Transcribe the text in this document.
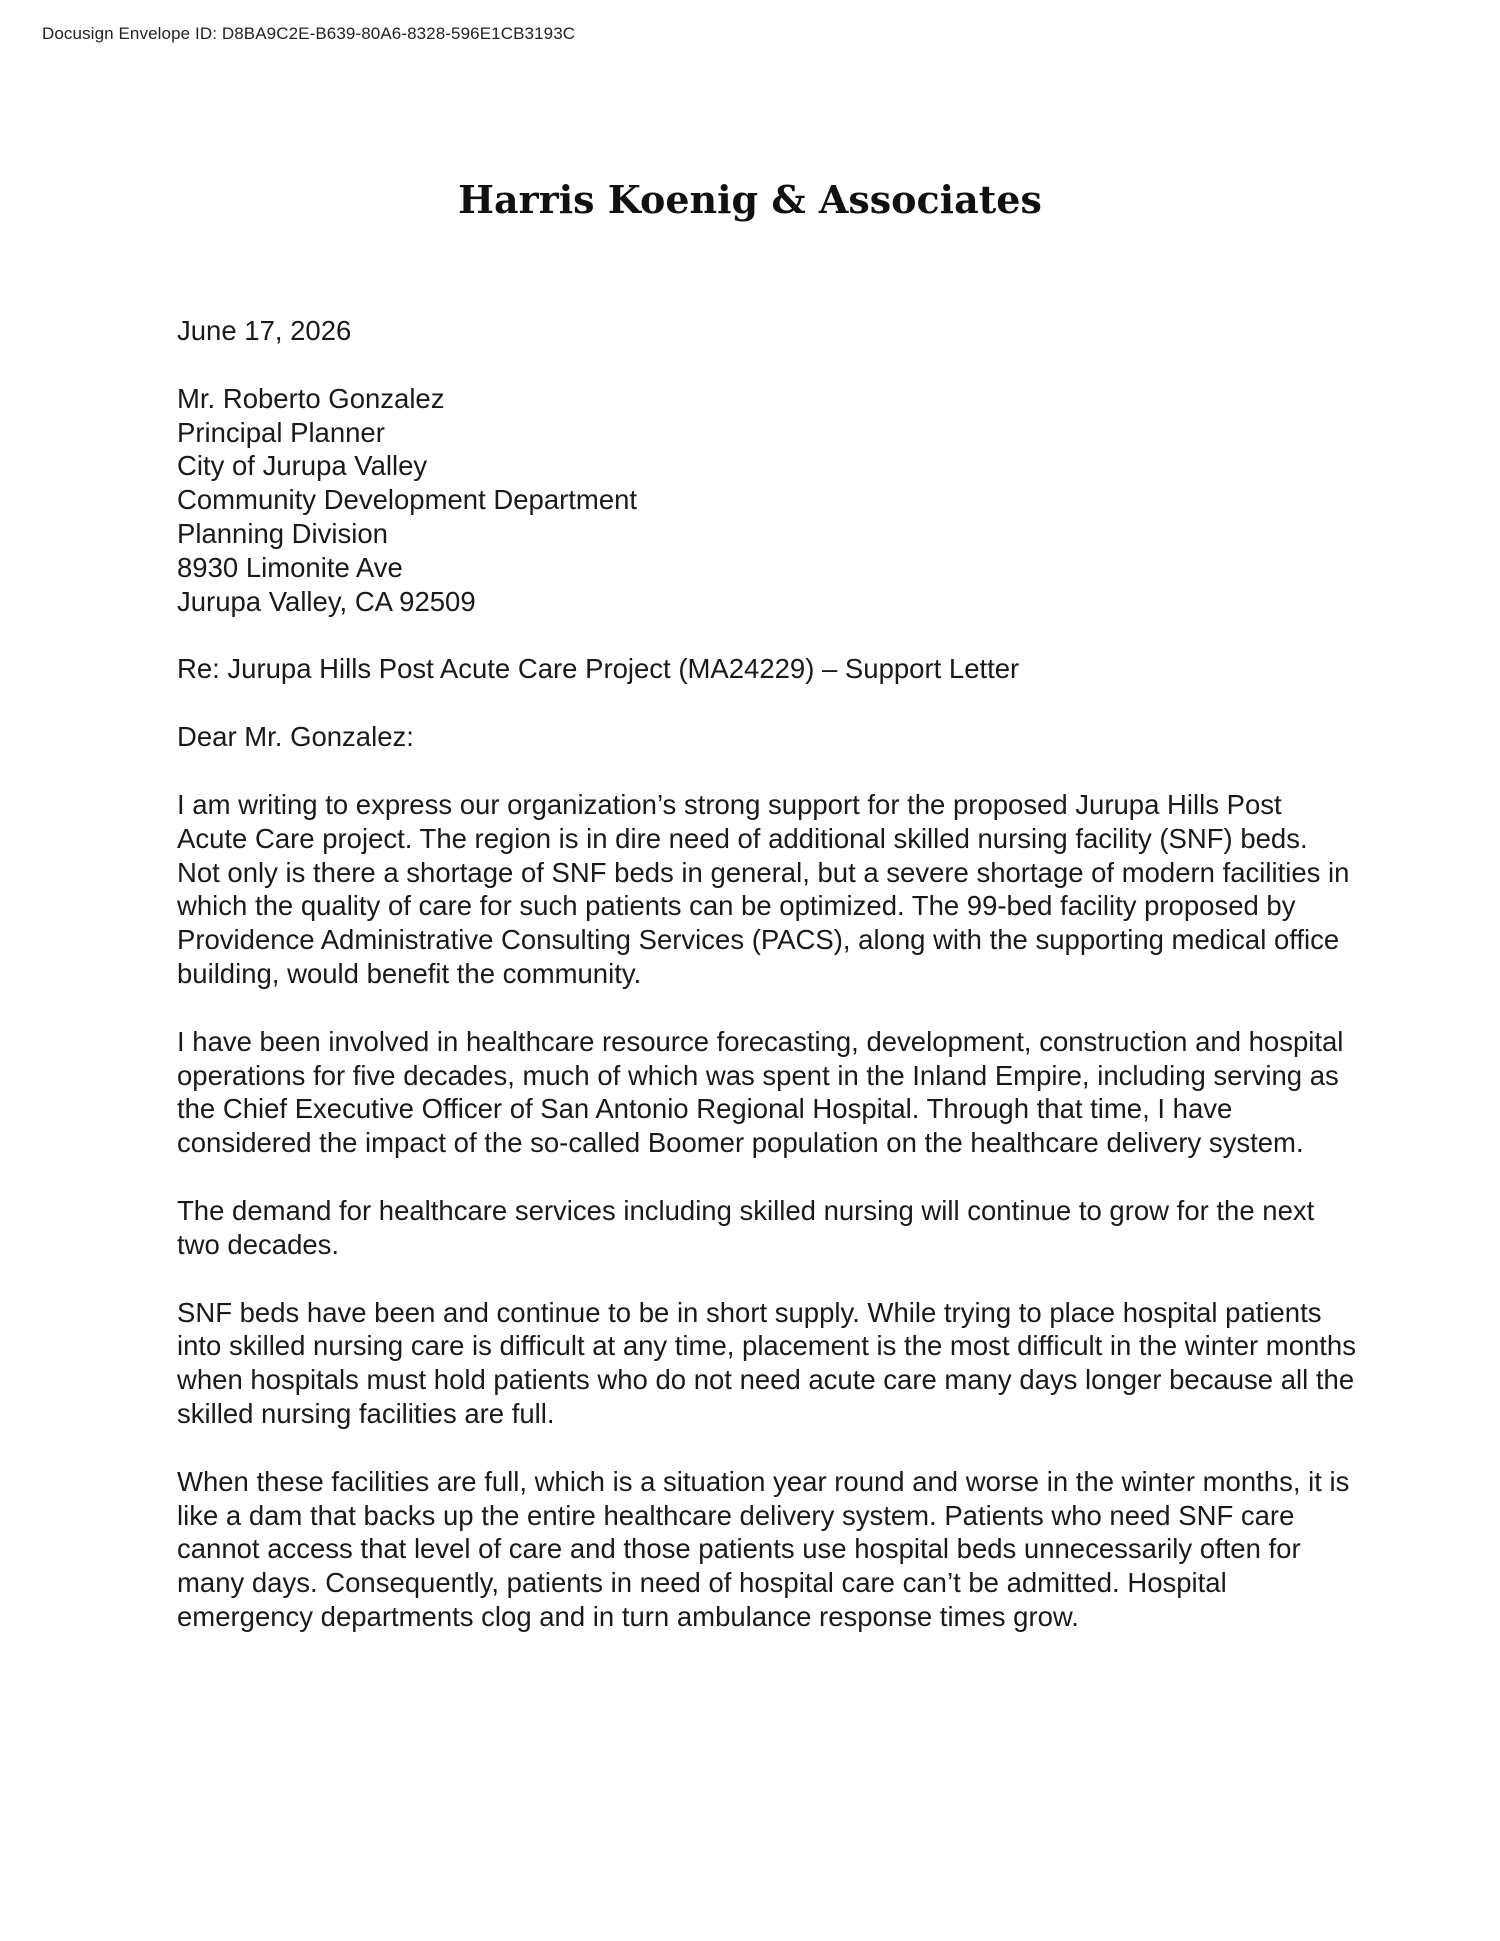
Docusign Envelope ID: D8BA9C2E-B639-80A6-8328-596E1CB3193C
Harris Koenig & Associates

June 17, 2026

Mr. Roberto Gonzalez
Principal Planner
City of Jurupa Valley
Community Development Department
Planning Division
8930 Limonite Ave
Jurupa Valley, CA 92509

Re: Jurupa Hills Post Acute Care Project (MA24229) – Support Letter

Dear Mr. Gonzalez:

I am writing to express our organization’s strong support for the proposed Jurupa Hills Post Acute Care project. The region is in dire need of additional skilled nursing facility (SNF) beds. Not only is there a shortage of SNF beds in general, but a severe shortage of modern facilities in which the quality of care for such patients can be optimized. The 99-bed facility proposed by Providence Administrative Consulting Services (PACS), along with the supporting medical office building, would benefit the community.

I have been involved in healthcare resource forecasting, development, construction and hospital operations for five decades, much of which was spent in the Inland Empire, including serving as the Chief Executive Officer of San Antonio Regional Hospital. Through that time, I have considered the impact of the so-called Boomer population on the healthcare delivery system.

The demand for healthcare services including skilled nursing will continue to grow for the next two decades.

SNF beds have been and continue to be in short supply. While trying to place hospital patients into skilled nursing care is difficult at any time, placement is the most difficult in the winter months when hospitals must hold patients who do not need acute care many days longer because all the skilled nursing facilities are full.

When these facilities are full, which is a situation year round and worse in the winter months, it is like a dam that backs up the entire healthcare delivery system. Patients who need SNF care cannot access that level of care and those patients use hospital beds unnecessarily often for many days. Consequently, patients in need of hospital care can’t be admitted. Hospital emergency departments clog and in turn ambulance response times grow.
